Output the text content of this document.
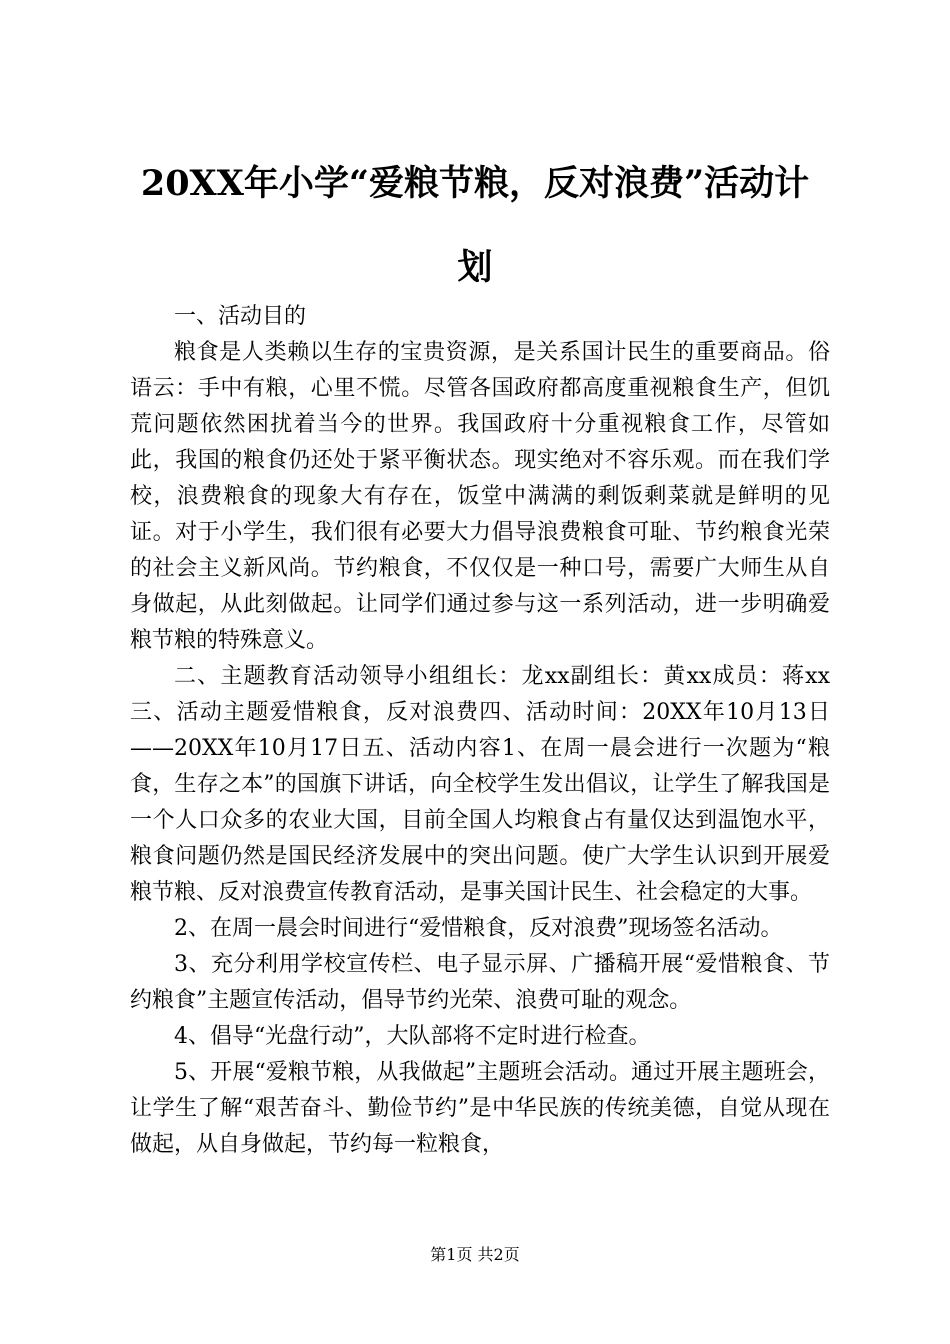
20XX年小学“爱粮节粮，反对浪费”活动计
划

一、活动目的

粮食是人类赖以生存的宝贵资源，是关系国计民生的重要商品。俗语云：手中有粮，心里不慌。尽管各国政府都高度重视粮食生产，但饥荒问题依然困扰着当今的世界。我国政府十分重视粮食工作，尽管如此，我国的粮食仍还处于紧平衡状态。现实绝对不容乐观。而在我们学校，浪费粮食的现象大有存在，饭堂中满满的剩饭剩菜就是鲜明的见证。对于小学生，我们很有必要大力倡导浪费粮食可耻、节约粮食光荣的社会主义新风尚。节约粮食，不仅仅是一种口号，需要广大师生从自身做起，从此刻做起。让同学们通过参与这一系列活动，进一步明确爱粮节粮的特殊意义。

二、主题教育活动领导小组组长：龙xx副组长：黄xx成员：蒋xx三、活动主题爱惜粮食，反对浪费四、活动时间：20XX年10月13日——20XX年10月17日五、活动内容1、在周一晨会进行一次题为“粮食，生存之本”的国旗下讲话，向全校学生发出倡议，让学生了解我国是一个人口众多的农业大国，目前全国人均粮食占有量仅达到温饱水平，粮食问题仍然是国民经济发展中的突出问题。使广大学生认识到开展爱粮节粮、反对浪费宣传教育活动，是事关国计民生、社会稳定的大事。

2、在周一晨会时间进行“爱惜粮食，反对浪费”现场签名活动。

3、充分利用学校宣传栏、电子显示屏、广播稿开展“爱惜粮食、节约粮食”主题宣传活动，倡导节约光荣、浪费可耻的观念。

4、倡导“光盘行动”，大队部将不定时进行检查。

5、开展“爱粮节粮，从我做起”主题班会活动。通过开展主题班会，让学生了解“艰苦奋斗、勤俭节约”是中华民族的传统美德，自觉从现在做起，从自身做起，节约每一粒粮食，

第1页 共2页
